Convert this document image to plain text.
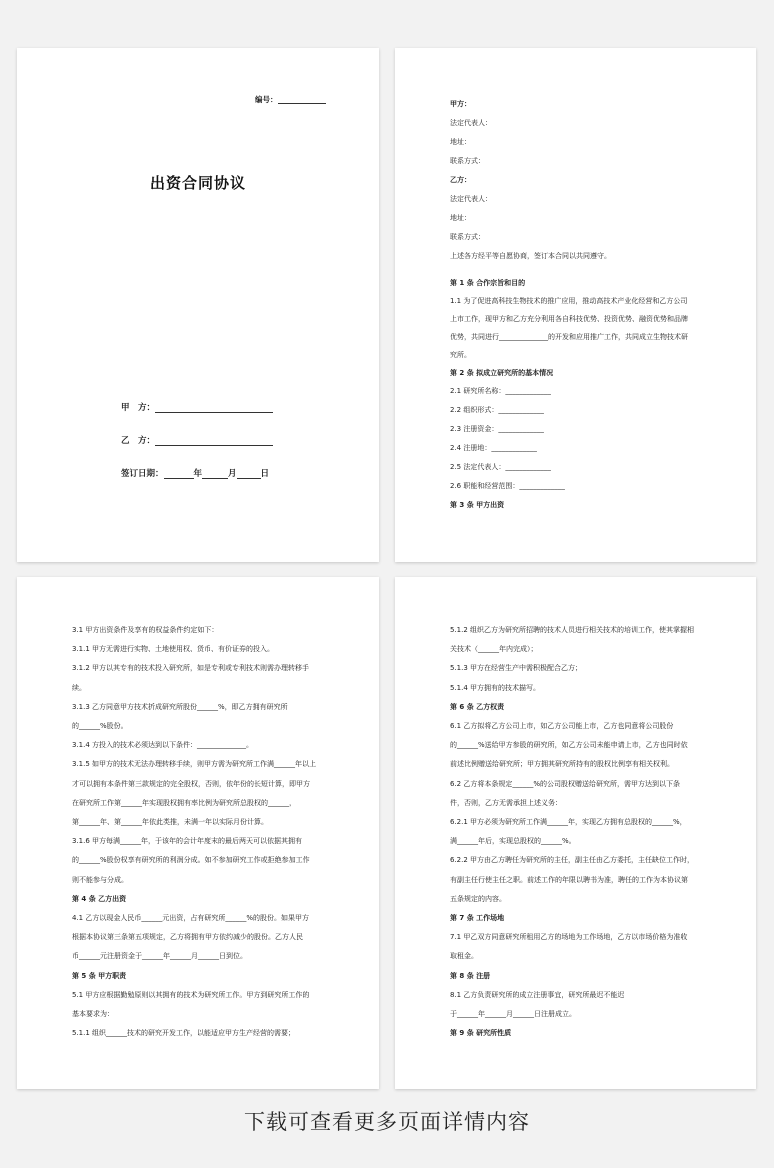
编号：
出资合同协议
甲　方：
乙　方：
签订日期：	年	月	日
甲方：
法定代表人：
地址：
联系方式：
乙方：
法定代表人：
地址：
联系方式：
上述各方经平等自愿协商，签订本合同以共同遵守。
第 1 条 合作宗旨和目的
1.1 为了促进高科技生物技术的推广应用，推动高技术产业化经营和乙方公司
上市工作，现甲方和乙方充分利用各自科技优势、投资优势、融资优势和品牌
优势，共同进行______________的开发和应用推广工作，共同成立生物技术研
究所。
第 2 条 拟成立研究所的基本情况
2.1 研究所名称：_____________
2.2 组织形式：_____________
2.3 注册资金：_____________
2.4 注册地：_____________
2.5 法定代表人：_____________
2.6 职能和经营范围：_____________
第 3 条 甲方出资
3.1 甲方出资条件及享有的权益条件约定如下：
3.1.1 甲方无需进行实物、土地使用权、货币、有价证券的投入。
3.1.2 甲方以其专有的技术投入研究所，如是专利或专利技术则需办理转移手
续。
3.1.3 乙方同意甲方技术折成研究所股份______%，即乙方拥有研究所
的______%股份。
3.1.4 方投入的技术必须达到以下条件：______________。
3.1.5 如甲方的技术无法办理转移手续，则甲方需为研究所工作满______年以上
才可以拥有本条件第三款规定的完全股权，否则，依年份的长短计算，即甲方
在研究所工作第______年实现股权拥有率比例为研究所总股权的______，
第______年、第______年依此类推，未满一年以实际月份计算。
3.1.6 甲方每满______年，于该年的会计年度末的最后两天可以依据其拥有
的______%股份权享有研究所的利润分成。如不参加研究工作或拒绝参加工作
则不能参与分成。
第 4 条 乙方出资
4.1 乙方以现金人民币______元出资，占有研究所______%的股份。如果甲方
根据本协议第三条第五项规定，乙方将拥有甲方依约减少的股份。乙方人民
币______元注册资金于______年______月______日到位。
第 5 条 甲方职责
5.1 甲方应根据勤勉原则以其拥有的技术为研究所工作。甲方到研究所工作的
基本要求为：
5.1.1 组织______技术的研究开发工作，以能适应甲方生产经营的需要；
5.1.2 组织乙方为研究所招聘的技术人员进行相关技术的培训工作，使其掌握相
关技术（______年内完成）；
5.1.3 甲方在经营生产中需积极配合乙方；
5.1.4 甲方拥有的技术描写。
第 6 条 乙方权责
6.1 乙方拟将乙方公司上市，如乙方公司能上市，乙方也同意将公司股份
的______%送给甲方参股的研究所，如乙方公司未能申请上市，乙方也同时依
前述比例赠送给研究所；甲方拥其研究所持有的股权比例享有相关权利。
6.2 乙方将本条规定______%的公司股权赠送给研究所，需甲方达到以下条
件，否则，乙方无需承担上述义务：
6.2.1 甲方必须为研究所工作满______年，实现乙方拥有总股权的______%，
满______年后，实现总股权的______%。
6.2.2 甲方由乙方聘任为研究所的主任，副主任由乙方委托，主任缺位工作时，
有副主任行使主任之职。前述工作的年限以聘书为准，聘任的工作为本协议第
五条规定的内容。
第 7 条 工作场地
7.1 甲乙双方同意研究所租用乙方的场地为工作场地，乙方以市场价格为准收
取租金。
第 8 条 注册
8.1 乙方负责研究所的成立注册事宜，研究所最迟不能迟
于______年______月______日注册成立。
第 9 条 研究所性质
下载可查看更多页面详情内容
